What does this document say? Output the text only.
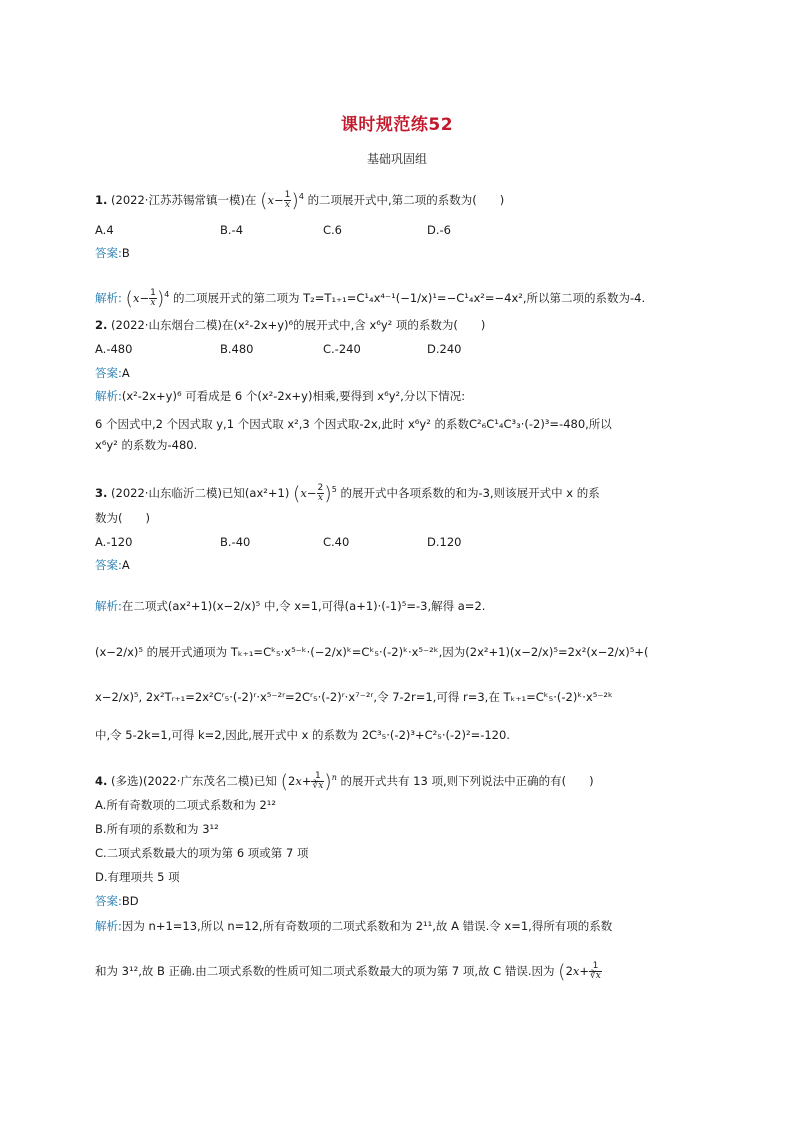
课时规范练52
基础巩固组
1. (2022·江苏苏锡常镇一模)在 $(x- \frac{1}{x} )^4$ 的二项展开式中,第二项的系数为(　　)
A.4	B.-4	C.6	D.-6
答案:B
解析: $(x- \frac{1}{x} )^4$ 的二项展开式的第二项为 T₂=T₁₊₁=C¹₄x⁴⁻¹(−1/x)¹=−C¹₄x²=−4x²,所以第二项的系数为-4.
2. (2022·山东烟台二模)在(x²-2x+y)⁶的展开式中,含 x⁶y² 项的系数为(　　)
A.-480	B.480	C.-240	D.240
答案:A
解析:(x²-2x+y)⁶ 可看成是 6 个(x²-2x+y)相乘,要得到 x⁶y²,分以下情况:
6 个因式中,2 个因式取 y,1 个因式取 x²,3 个因式取-2x,此时 x⁶y² 的系数C²₆C¹₄C³₃·(-2)³=-480,所以
x⁶y² 的系数为-480.
3. (2022·山东临沂二模)已知(ax²+1) $(x- \frac{2}{x} )^5$ 的展开式中各项系数的和为-3,则该展开式中 x 的系
数为(　　)
A.-120	B.-40	C.40	D.120
答案:A
解析:在二项式(ax²+1)(x−2/x)⁵ 中,令 x=1,可得(a+1)·(-1)⁵=-3,解得 a=2.
(x−2/x)⁵ 的展开式通项为 Tₖ₊₁=Cᵏ₅·x⁵⁻ᵏ·(−2/x)ᵏ=Cᵏ₅·(-2)ᵏ·x⁵⁻²ᵏ,因为(2x²+1)(x−2/x)⁵=2x²(x−2/x)⁵+(
x−2/x)⁵, 2x²Tᵣ₊₁=2x²Cʳ₅·(-2)ʳ·x⁵⁻²ʳ=2Cʳ₅·(-2)ʳ·x⁷⁻²ʳ,令 7-2r=1,可得 r=3,在 Tₖ₊₁=Cᵏ₅·(-2)ᵏ·x⁵⁻²ᵏ
中,令 5-2k=1,可得 k=2,因此,展开式中 x 的系数为 2C³₅·(-2)³+C²₅·(-2)²=-120.
4. (多选)(2022·广东茂名二模)已知 $(2x+ \frac{1}{∛x} )^n$ 的展开式共有 13 项,则下列说法中正确的有(　　)
A.所有奇数项的二项式系数和为 2¹²
B.所有项的系数和为 3¹²
C.二项式系数最大的项为第 6 项或第 7 项
D.有理项共 5 项
答案:BD
解析:因为 n+1=13,所以 n=12,所有奇数项的二项式系数和为 2¹¹,故 A 错误.令 x=1,得所有项的系数
和为 3¹²,故 B 正确.由二项式系数的性质可知二项式系数最大的项为第 7 项,故 C 错误.因为 ($2x+ \frac{1}{∛x}$
